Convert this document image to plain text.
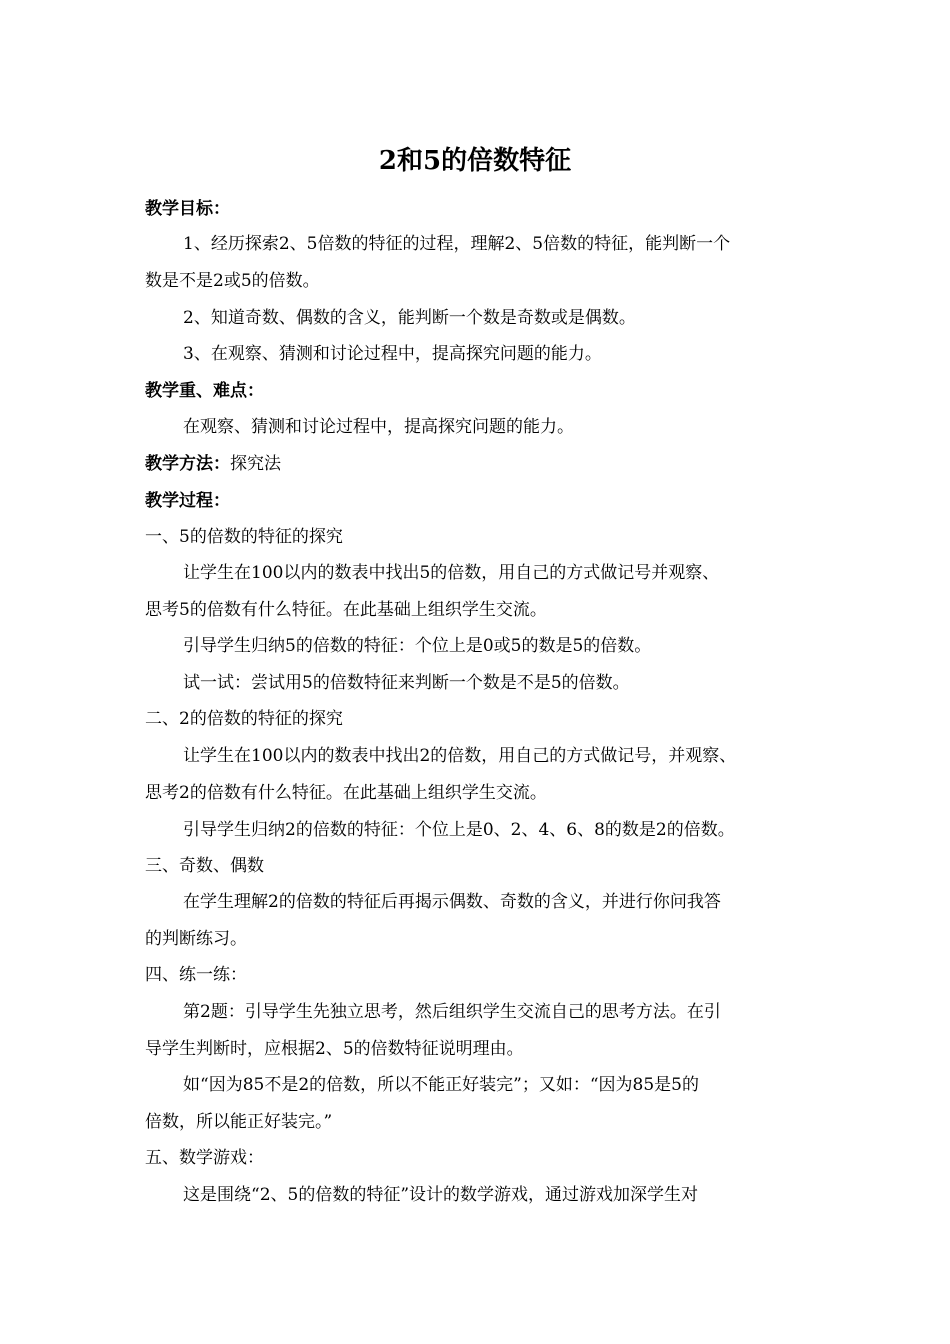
2和5的倍数特征
教学目标：
1、经历探索2、5倍数的特征的过程，理解2、5倍数的特征，能判断一个
数是不是2或5的倍数。
2、知道奇数、偶数的含义，能判断一个数是奇数或是偶数。
3、在观察、猜测和讨论过程中，提高探究问题的能力。
教学重、难点：
在观察、猜测和讨论过程中，提高探究问题的能力。
教学方法：探究法
教学过程：
一、5的倍数的特征的探究
让学生在100以内的数表中找出5的倍数，用自己的方式做记号并观察、
思考5的倍数有什么特征。在此基础上组织学生交流。
引导学生归纳5的倍数的特征：个位上是0或5的数是5的倍数。
试一试：尝试用5的倍数特征来判断一个数是不是5的倍数。
二、2的倍数的特征的探究
让学生在100以内的数表中找出2的倍数，用自己的方式做记号，并观察、
思考2的倍数有什么特征。在此基础上组织学生交流。
引导学生归纳2的倍数的特征：个位上是0、2、4、6、8的数是2的倍数。
三、奇数、偶数
在学生理解2的倍数的特征后再揭示偶数、奇数的含义，并进行你问我答
的判断练习。
四、练一练：
第2题：引导学生先独立思考，然后组织学生交流自己的思考方法。在引
导学生判断时，应根据2、5的倍数特征说明理由。
如“因为85不是2的倍数，所以不能正好装完”；又如：“因为85是5的
倍数，所以能正好装完。”
五、数学游戏：
这是围绕“2、5的倍数的特征”设计的数学游戏，通过游戏加深学生对
